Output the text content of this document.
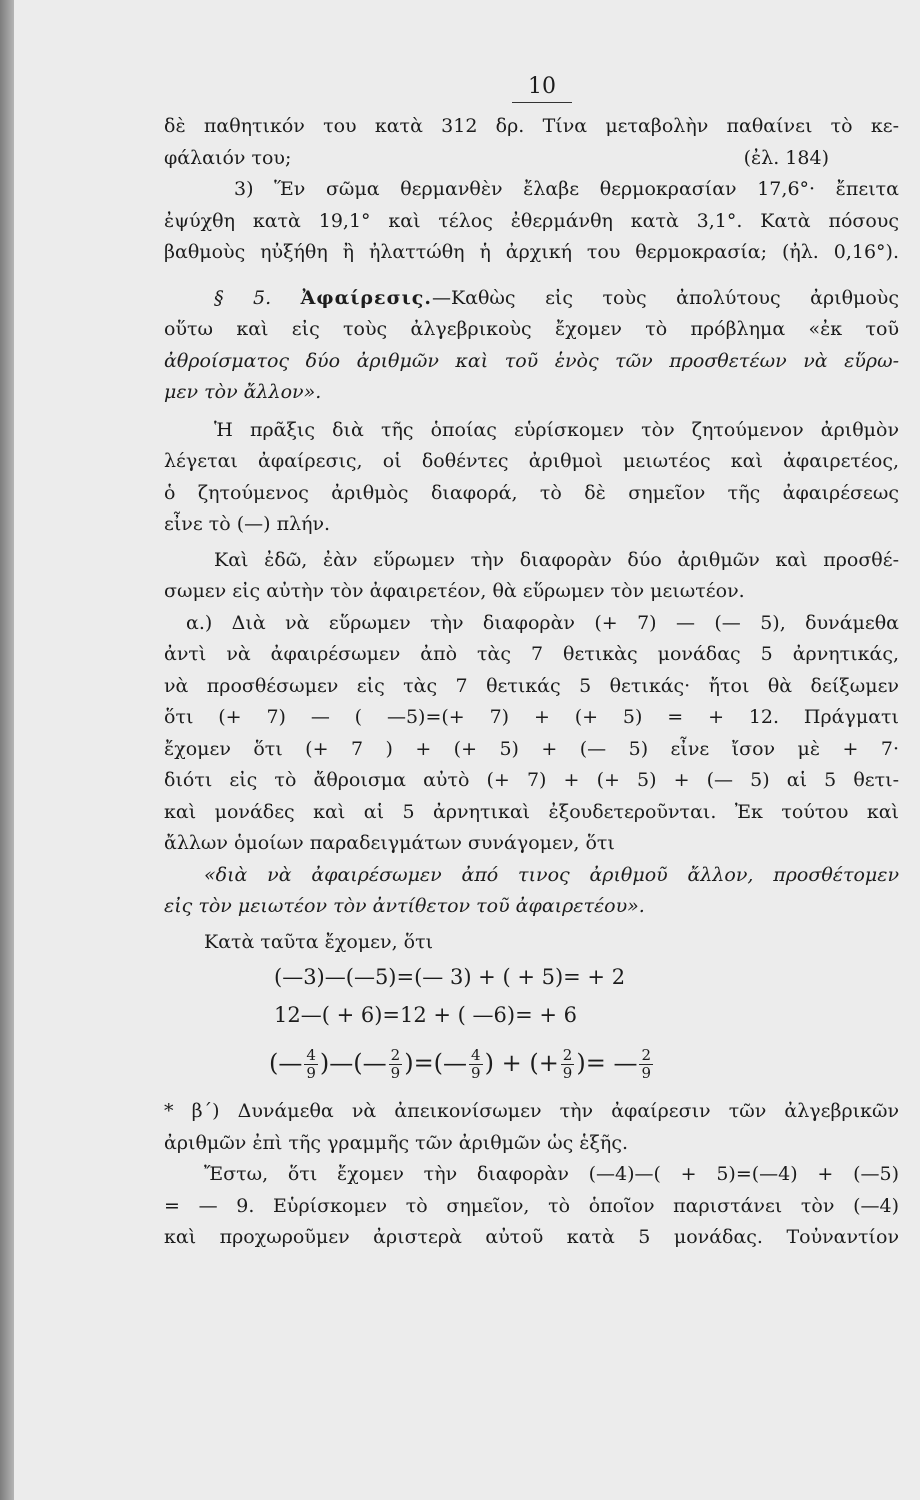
10
δὲ παθητικόν του κατὰ 312 δρ. Τίνα μεταβολὴν παθαίνει τὸ κε-
φάλαιόν του;	(ἐλ. 184)
3) Ἕν σῶμα θερμανθὲν ἔλαβε θερμοκρασίαν 17,6°· ἔπειτα
ἐψύχθη κατὰ 19,1° καὶ τέλος ἐθερμάνθη κατὰ 3,1°. Κατὰ πόσους
βαθμοὺς ηὐξήθη ἢ ἠλαττώθη ἡ ἀρχική του θερμοκρασία; (ἠλ. 0,16°).
§ 5. Ἀφαίρεσις.—Καθὼς εἰς τοὺς ἀπολύτους ἀριθμοὺς
οὕτω καὶ εἰς τοὺς ἀλγεβρικοὺς ἔχομεν τὸ πρόβλημα «ἐκ τοῦ
ἀθροίσματος δύο ἀριθμῶν καὶ τοῦ ἑνὸς τῶν προσθετέων νὰ εὕρω-
μεν τὸν ἄλλον».
Ἡ πρᾶξις διὰ τῆς ὁποίας εὑρίσκομεν τὸν ζητούμενον ἀριθμὸν
λέγεται ἀφαίρεσις, οἱ δοθέντες ἀριθμοὶ μειωτέος καὶ ἀφαιρετέος,
ὁ ζητούμενος ἀριθμὸς διαφορά, τὸ δὲ σημεῖον τῆς ἀφαιρέσεως
εἶνε τὸ (—) πλήν.
Καὶ ἐδῶ, ἐὰν εὕρωμεν τὴν διαφορὰν δύο ἀριθμῶν καὶ προσθέ-
σωμεν εἰς αὐτὴν τὸν ἀφαιρετέον, θὰ εὕρωμεν τὸν μειωτέον.
α.) Διὰ νὰ εὕρωμεν τὴν διαφορὰν (+ 7) — (— 5), δυνάμεθα
ἀντὶ νὰ ἀφαιρέσωμεν ἀπὸ τὰς 7 θετικὰς μονάδας 5 ἀρνητικάς,
νὰ προσθέσωμεν εἰς τὰς 7 θετικάς 5 θετικάς· ἤτοι θὰ δείξωμεν
ὅτι (+ 7) — ( —5)=(+ 7) + (+ 5) = + 12. Πράγματι
ἔχομεν ὅτι (+ 7 ) + (+ 5) + (— 5) εἶνε ἴσον μὲ + 7·
διότι εἰς τὸ ἄθροισμα αὐτὸ (+ 7) + (+ 5) + (— 5) αἱ 5 θετι-
καὶ μονάδες καὶ αἱ 5 ἀρνητικαὶ ἐξουδετεροῦνται. Ἐκ τούτου καὶ
ἄλλων ὁμοίων παραδειγμάτων συνάγομεν, ὅτι
«διὰ νὰ ἀφαιρέσωμεν ἀπό τινος ἀριθμοῦ ἄλλον, προσθέτομεν
εἰς τὸν μειωτέον τὸν ἀντίθετον τοῦ ἀφαιρετέου».
Κατὰ ταῦτα ἔχομεν, ὅτι
(—3)—(—5)=(— 3) + ( + 5)= + 2
12—( + 6)=12 + ( —6)= + 6
(— $\frac{4}{9}$ )—(— $\frac{2}{9}$ )=(— $\frac{4}{9}$ ) + (+ $\frac{2}{9}$ )= — $\frac{2}{9}$
* β΄) Δυνάμεθα νὰ ἀπεικονίσωμεν τὴν ἀφαίρεσιν τῶν ἀλγεβρικῶν
ἀριθμῶν ἐπὶ τῆς γραμμῆς τῶν ἀριθμῶν ὡς ἑξῆς.
Ἔστω, ὅτι ἔχομεν τὴν διαφορὰν (—4)—( + 5)=(—4) + (—5)
= — 9. Εὑρίσκομεν τὸ σημεῖον, τὸ ὁποῖον παριστάνει τὸν (—4)
καὶ προχωροῦμεν ἀριστερὰ αὐτοῦ κατὰ 5 μονάδας. Τοὐναντίον
